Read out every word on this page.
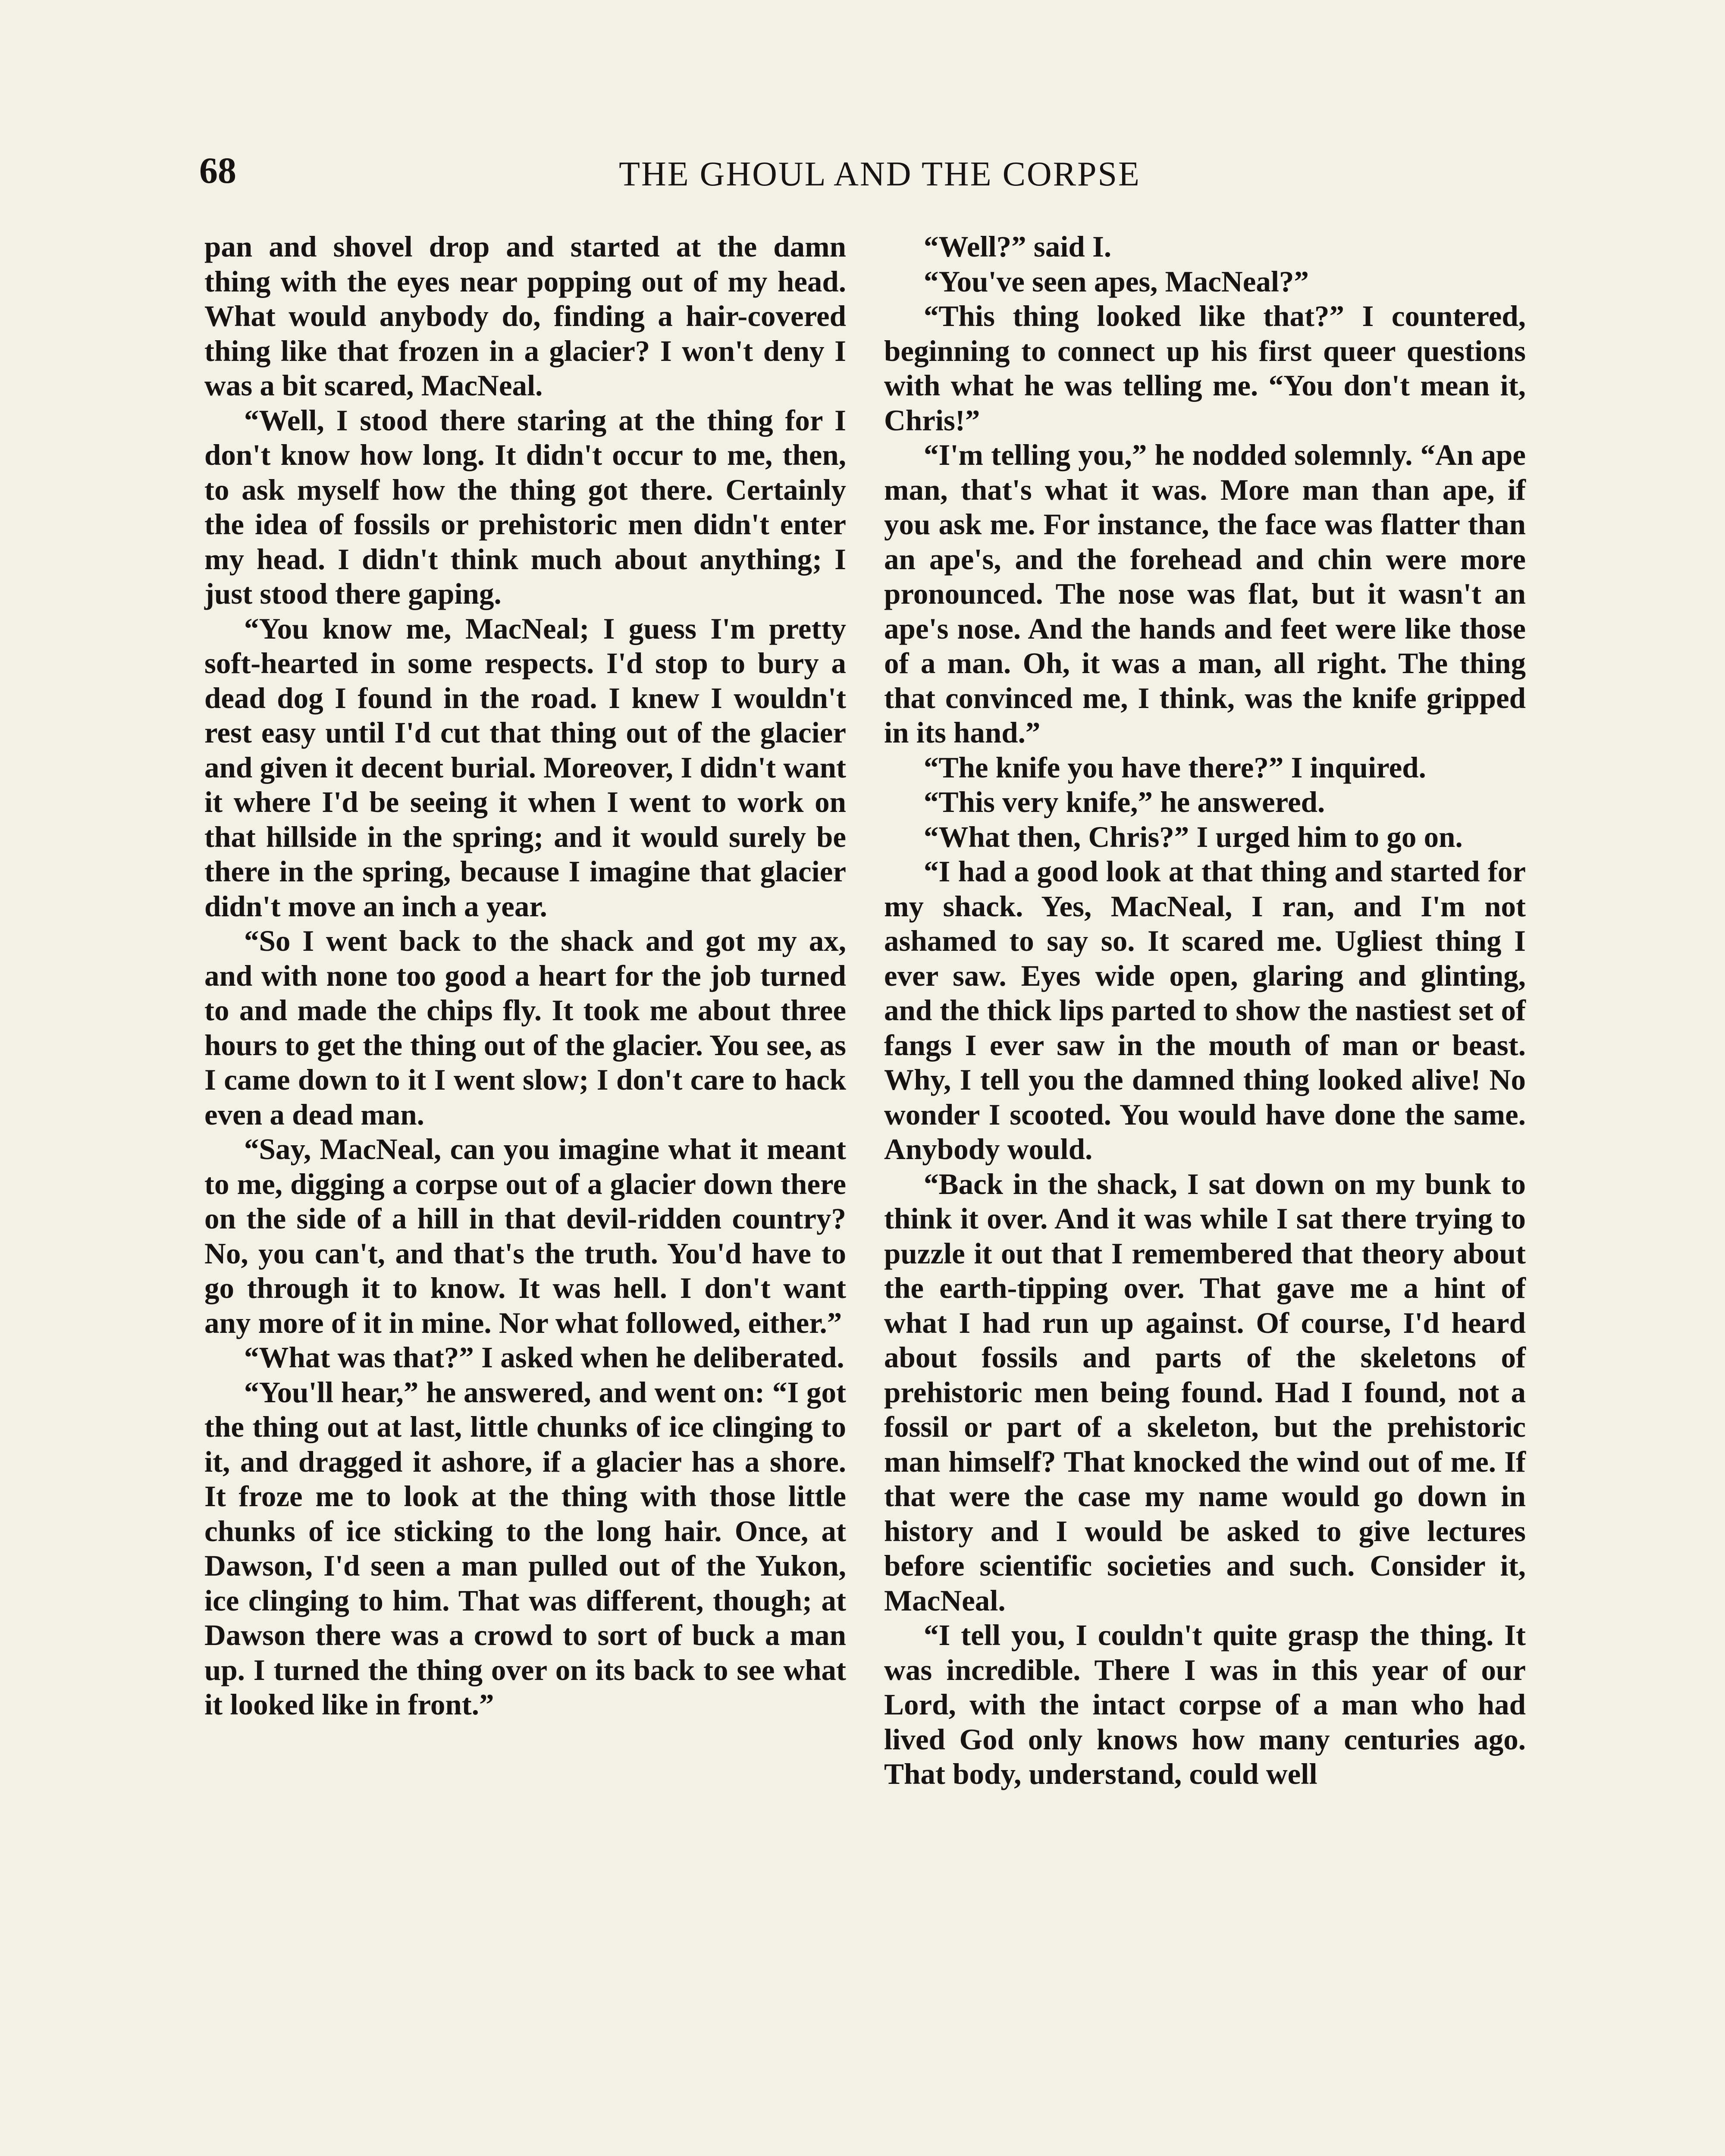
68	THE GHOUL AND THE CORPSE

pan and shovel drop and started at the damn thing with the eyes near popping out of my head. What would anybody do, finding a hair-covered thing like that frozen in a glacier? I won't deny I was a bit scared, MacNeal.

“Well, I stood there staring at the thing for I don't know how long. It didn't occur to me, then, to ask myself how the thing got there. Certainly the idea of fossils or prehistoric men didn't enter my head. I didn't think much about anything; I just stood there gaping.

“You know me, MacNeal; I guess I'm pretty soft-hearted in some respects. I'd stop to bury a dead dog I found in the road. I knew I wouldn't rest easy until I'd cut that thing out of the glacier and given it decent burial. Moreover, I didn't want it where I'd be seeing it when I went to work on that hillside in the spring; and it would surely be there in the spring, because I imagine that glacier didn't move an inch a year.

“So I went back to the shack and got my ax, and with none too good a heart for the job turned to and made the chips fly. It took me about three hours to get the thing out of the glacier. You see, as I came down to it I went slow; I don't care to hack even a dead man.

“Say, MacNeal, can you imagine what it meant to me, digging a corpse out of a glacier down there on the side of a hill in that devil-ridden country? No, you can't, and that's the truth. You'd have to go through it to know. It was hell. I don't want any more of it in mine. Nor what followed, either.”

“What was that?” I asked when he deliberated.

“You'll hear,” he answered, and went on: “I got the thing out at last, little chunks of ice clinging to it, and dragged it ashore, if a glacier has a shore. It froze me to look at the thing with those little chunks of ice sticking to the long hair. Once, at Dawson, I'd seen a man pulled out of the Yukon, ice clinging to him. That was different, though; at Dawson there was a crowd to sort of buck a man up. I turned the thing over on its back to see what it looked like in front.”

“Well?” said I.

“You've seen apes, MacNeal?”

“This thing looked like that?” I countered, beginning to connect up his first queer questions with what he was telling me. “You don't mean it, Chris!”

“I'm telling you,” he nodded solemnly. “An ape man, that's what it was. More man than ape, if you ask me. For instance, the face was flatter than an ape's, and the forehead and chin were more pronounced. The nose was flat, but it wasn't an ape's nose. And the hands and feet were like those of a man. Oh, it was a man, all right. The thing that convinced me, I think, was the knife gripped in its hand.”

“The knife you have there?” I inquired.

“This very knife,” he answered.

“What then, Chris?” I urged him to go on.

“I had a good look at that thing and started for my shack. Yes, MacNeal, I ran, and I'm not ashamed to say so. It scared me. Ugliest thing I ever saw. Eyes wide open, glaring and glinting, and the thick lips parted to show the nastiest set of fangs I ever saw in the mouth of man or beast. Why, I tell you the damned thing looked alive! No wonder I scooted. You would have done the same. Anybody would.

“Back in the shack, I sat down on my bunk to think it over. And it was while I sat there trying to puzzle it out that I remembered that theory about the earth-tipping over. That gave me a hint of what I had run up against. Of course, I'd heard about fossils and parts of the skeletons of prehistoric men being found. Had I found, not a fossil or part of a skeleton, but the prehistoric man himself? That knocked the wind out of me. If that were the case my name would go down in history and I would be asked to give lectures before scientific societies and such. Consider it, MacNeal.

“I tell you, I couldn't quite grasp the thing. It was incredible. There I was in this year of our Lord, with the intact corpse of a man who had lived God only knows how many centuries ago. That body, understand, could well
